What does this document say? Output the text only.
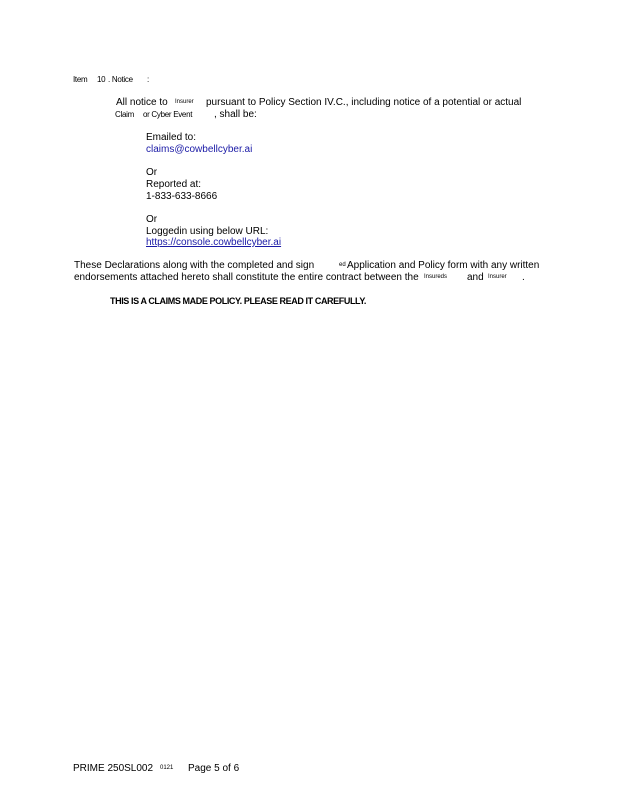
Item 10 . Notice :
All notice to Insurer pursuant to Policy Section IV.C., including notice of a potential or actual
Claim or Cyber Event , shall be:
Emailed to:
claims@cowbellcyber.ai
Or
Reported at:
1-833-633-8666
Or
Loggedin using below URL:
https://console.cowbellcyber.ai
These Declarations along with the completed and sign	ed Application and Policy form with any written
endorsements attached hereto shall constitute the entire contract between the Insureds and Insurer .
THIS IS A CLAIMS MADE POLICY. PLEASE READ IT CAREFULLY.
PRIME 250SL002 0121 Page 5 of 6
